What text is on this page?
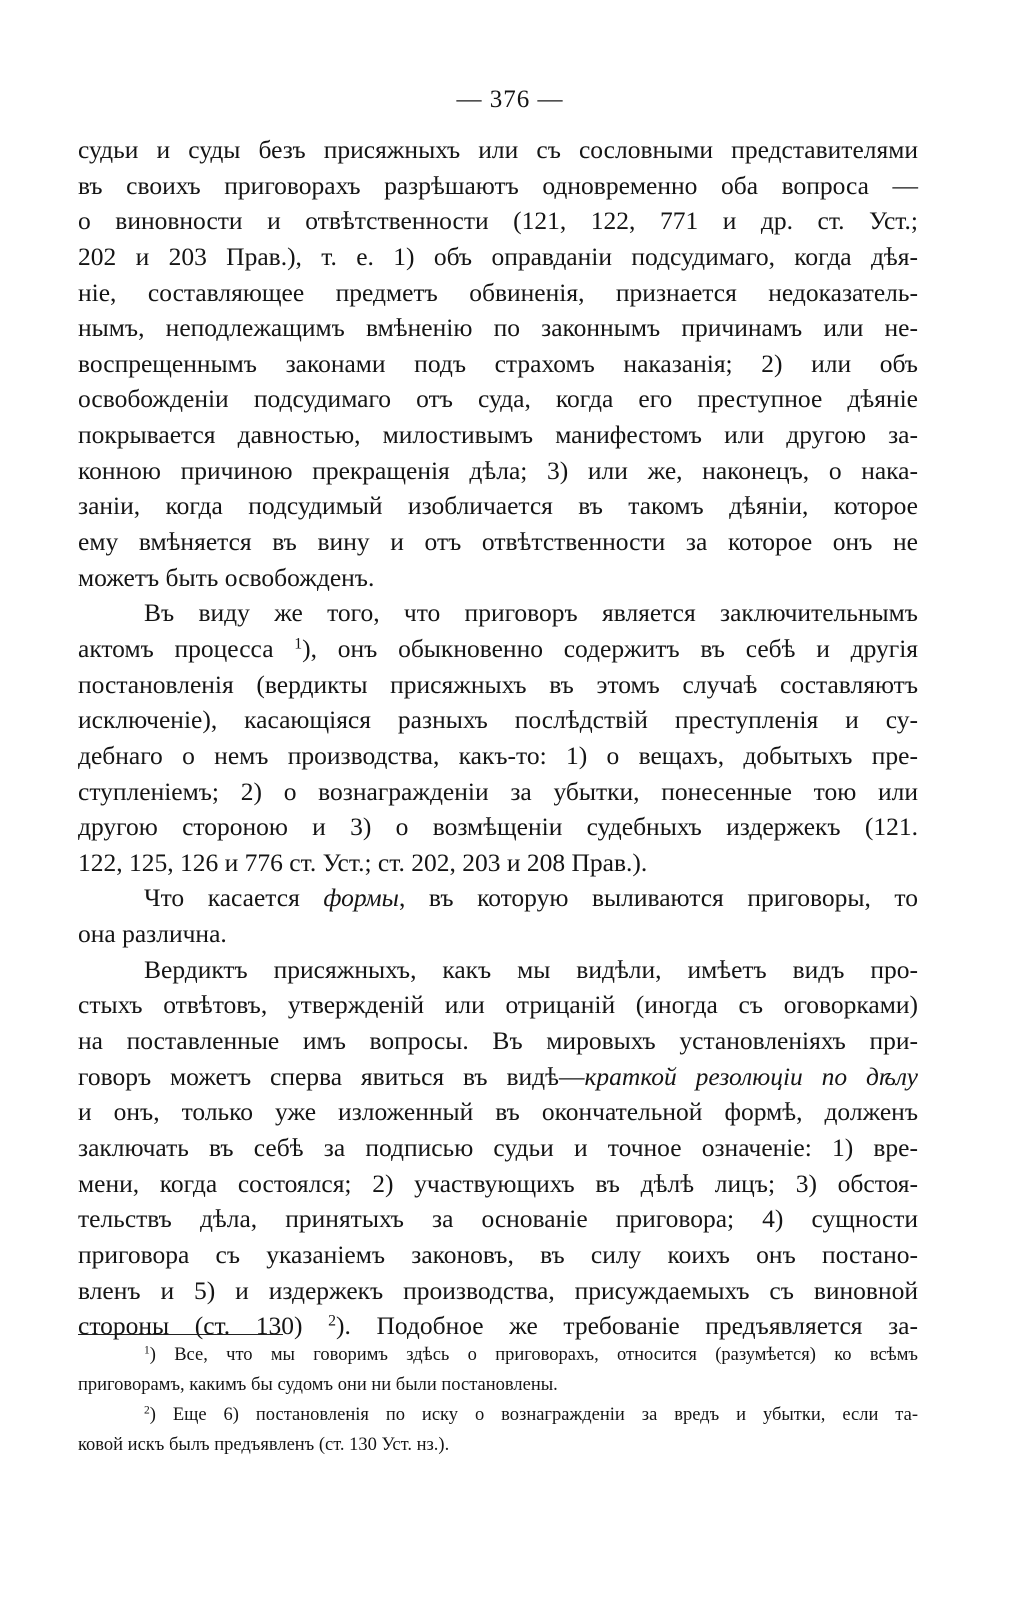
— 376 —
судьи и суды безъ присяжныхъ или съ сословными представителями
въ своихъ приговорахъ разрѣшаютъ одновременно оба вопроса —
о виновности и отвѣтственности (121, 122, 771 и др. ст. Уст.;
202 и 203 Прав.), т. е. 1) объ оправданіи подсудимаго, когда дѣя-
ніе, составляющее предметъ обвиненія, признается недоказатель-
нымъ, неподлежащимъ вмѣненію по законнымъ причинамъ или не-
воспрещеннымъ законами подъ страхомъ наказанія; 2) или объ
освобожденіи подсудимаго отъ суда, когда его преступное дѣяніе
покрывается давностью, милостивымъ манифестомъ или другою за-
конною причиною прекращенія дѣла; 3) или же, наконецъ, о нака-
заніи, когда подсудимый изобличается въ такомъ дѣяніи, которое
ему вмѣняется въ вину и отъ отвѣтственности за которое онъ не
можетъ быть освобожденъ.
Въ виду же того, что приговоръ является заключительнымъ
актомъ процесса $^1$), онъ обыкновенно содержитъ въ себѣ и другія
постановленія (вердикты присяжныхъ въ этомъ случаѣ составляютъ
исключеніе), касающіяся разныхъ послѣдствій преступленія и су-
дебнаго о немъ производства, какъ-то: 1) о вещахъ, добытыхъ пре-
ступленіемъ; 2) о вознагражденіи за убытки, понесенные тою или
другою стороною и 3) о возмѣщеніи судебныхъ издержекъ (121.
122, 125, 126 и 776 ст. Уст.; ст. 202, 203 и 208 Прав.).
Что касается формы, въ которую выливаются приговоры, то
она различна.
Вердиктъ присяжныхъ, какъ мы видѣли, имѣетъ видъ про-
стыхъ отвѣтовъ, утвержденій или отрицаній (иногда съ оговорками)
на поставленные имъ вопросы. Въ мировыхъ установленіяхъ при-
говоръ можетъ сперва явиться въ видѣ—краткой резолюціи по дѣлу
и онъ, только уже изложенный въ окончательной формѣ, долженъ
заключать въ себѣ за подписью судьи и точное означеніе: 1) вре-
мени, когда состоялся; 2) участвующихъ въ дѣлѣ лицъ; 3) обстоя-
тельствъ дѣла, принятыхъ за основаніе приговора; 4) сущности
приговора съ указаніемъ законовъ, въ силу коихъ онъ постано-
вленъ и 5) и издержекъ производства, присуждаемыхъ съ виновной
стороны (ст. 130) $^2$). Подобное же требованіе предъявляется за-
$^1$) Все, что мы говоримъ здѣсь о приговорахъ, относится (разумѣется) ко всѣмъ
приговорамъ, какимъ бы судомъ они ни были постановлены.
$^2$) Еще 6) постановленія по иску о вознагражденіи за вредъ и убытки, если та-
ковой искъ былъ предъявленъ (ст. 130 Уст. нз.).
